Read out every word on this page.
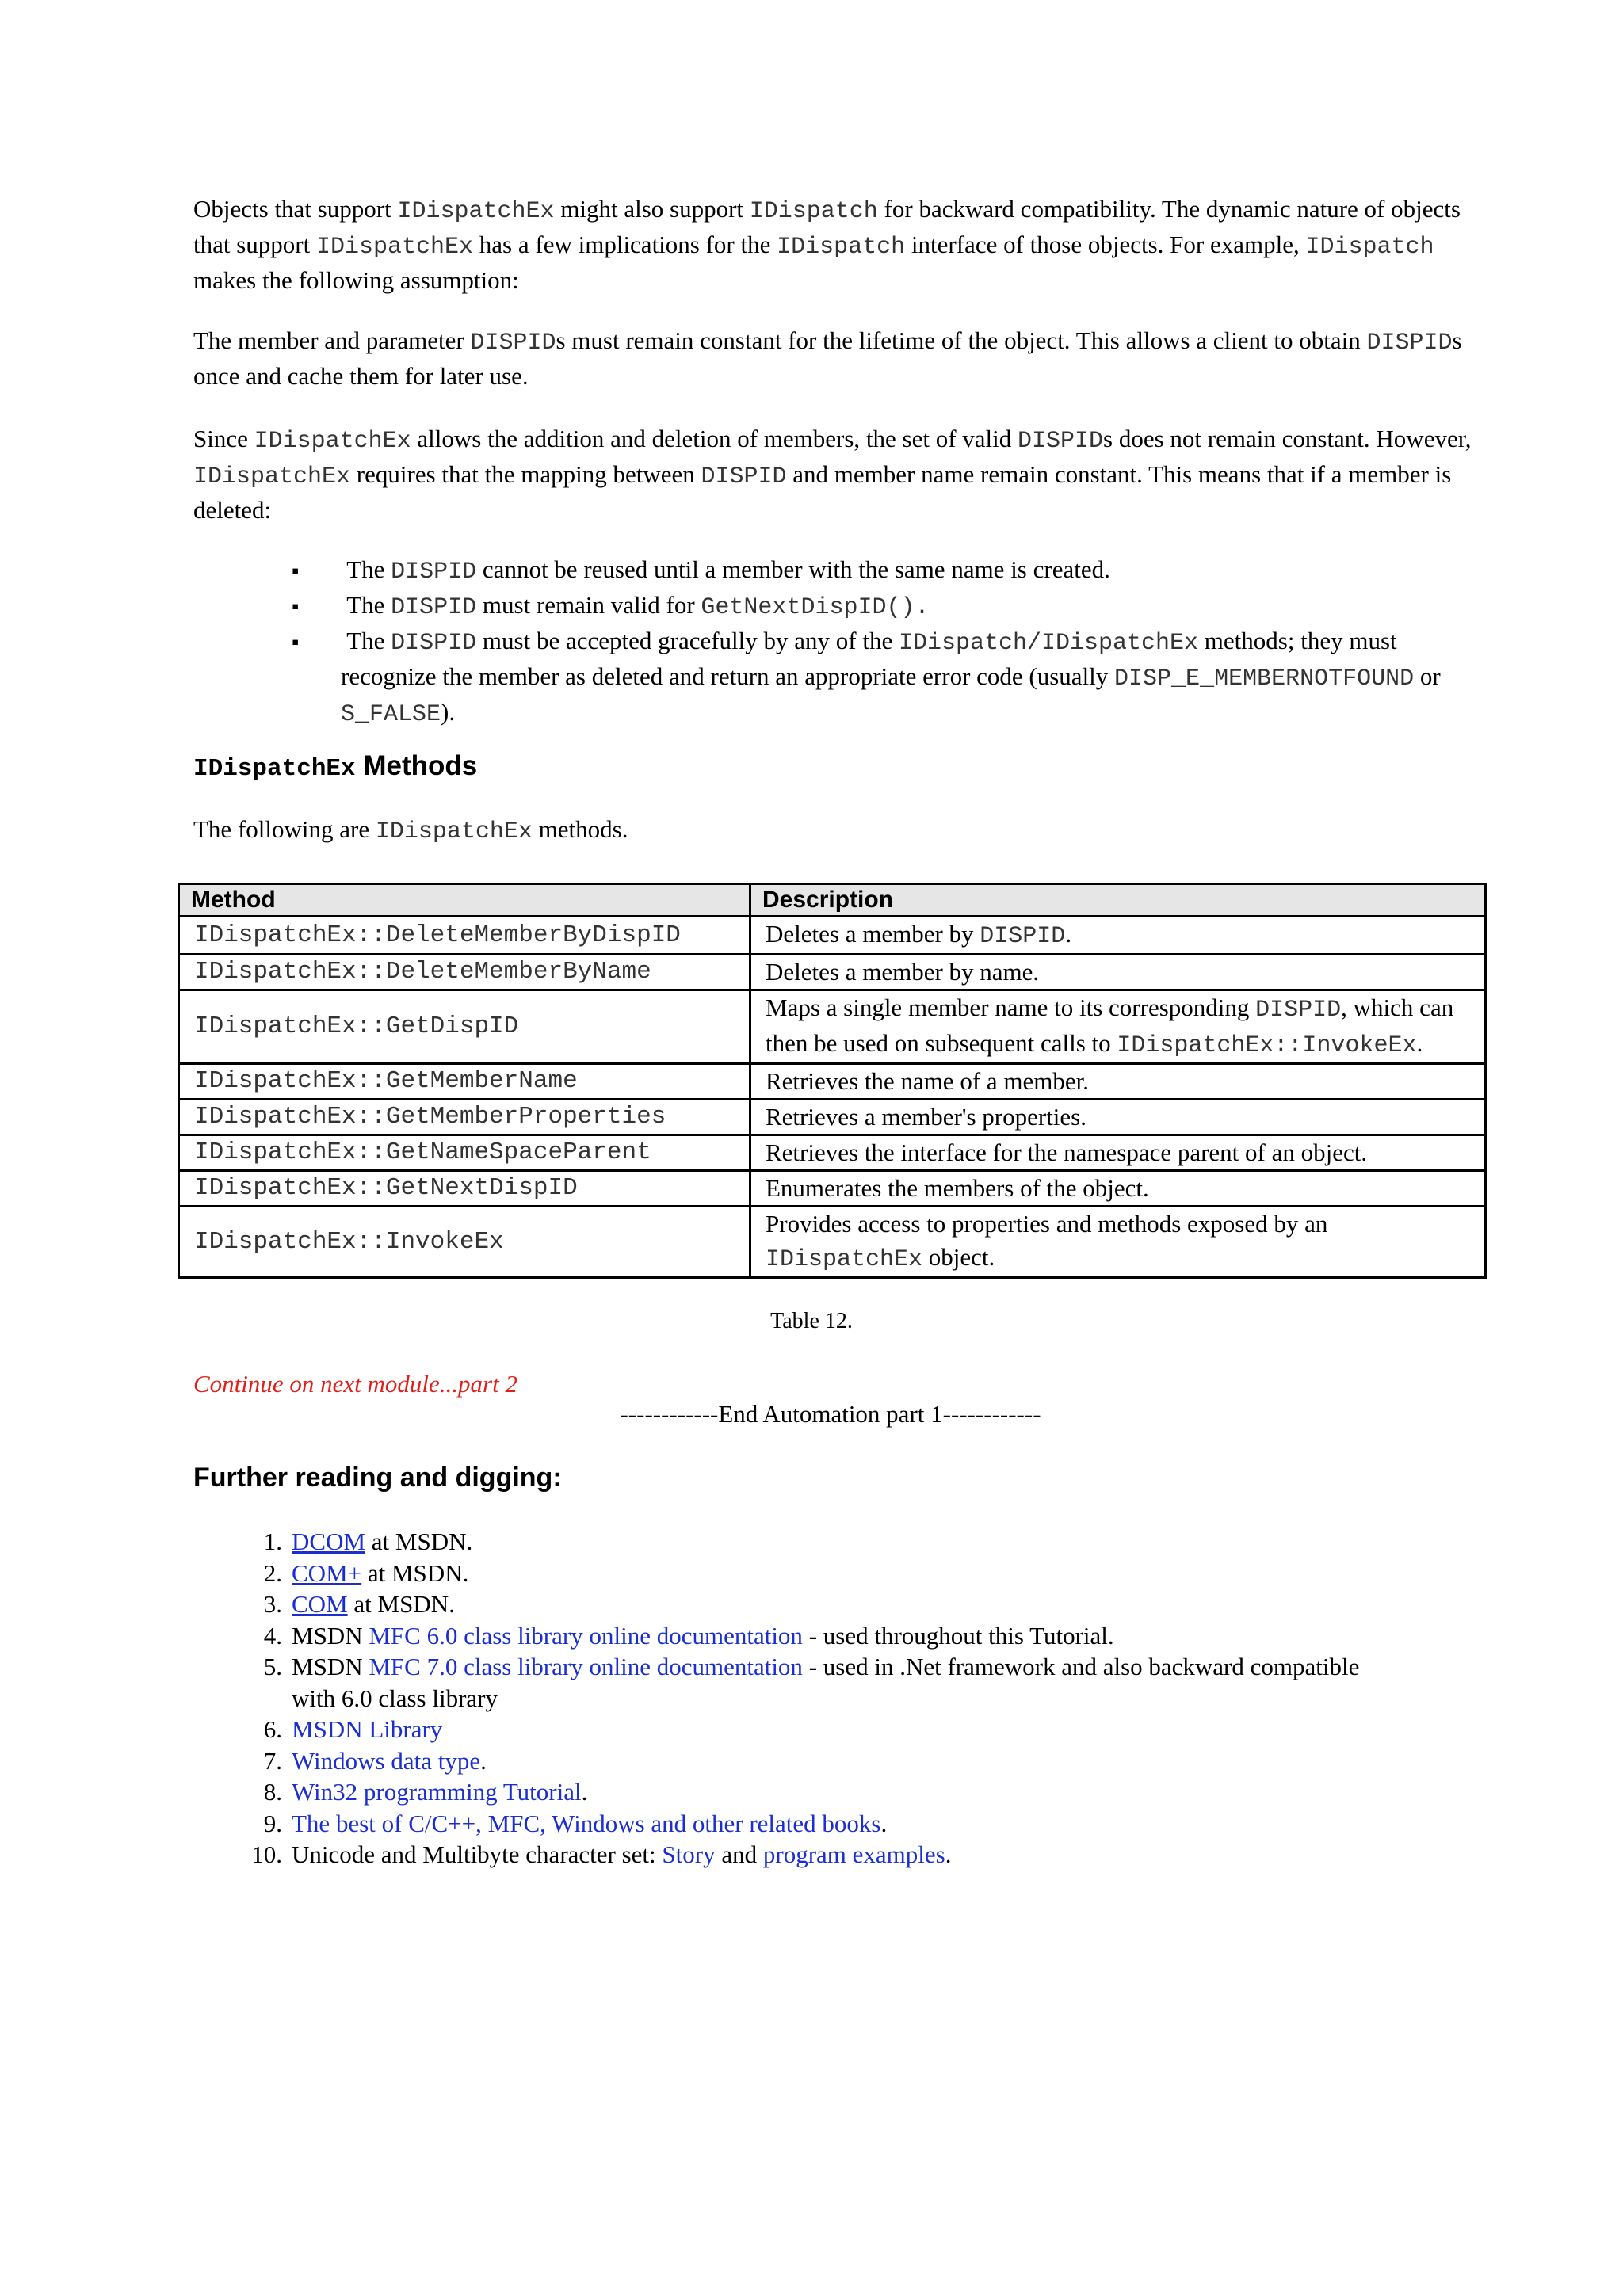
Objects that support IDispatchEx might also support IDispatch for backward compatibility. The dynamic nature of objects that support IDispatchEx has a few implications for the IDispatch interface of those objects. For example, IDispatch makes the following assumption:

The member and parameter DISPIDs must remain constant for the lifetime of the object. This allows a client to obtain DISPIDs once and cache them for later use.

Since IDispatchEx allows the addition and deletion of members, the set of valid DISPIDs does not remain constant. However, IDispatchEx requires that the mapping between DISPID and member name remain constant. This means that if a member is deleted:

▪ The DISPID cannot be reused until a member with the same name is created.
▪ The DISPID must remain valid for GetNextDispID().
▪ The DISPID must be accepted gracefully by any of the IDispatch/IDispatchEx methods; they must recognize the member as deleted and return an appropriate error code (usually DISP_E_MEMBERNOTFOUND or S_FALSE).
IDispatchEx Methods

The following are IDispatchEx methods.

Method	Description
IDispatchEx::DeleteMemberByDispID	Deletes a member by DISPID.
IDispatchEx::DeleteMemberByName	Deletes a member by name.
IDispatchEx::GetDispID	Maps a single member name to its corresponding DISPID, which can then be used on subsequent calls to IDispatchEx::InvokeEx.
IDispatchEx::GetMemberName	Retrieves the name of a member.
IDispatchEx::GetMemberProperties	Retrieves a member's properties.
IDispatchEx::GetNameSpaceParent	Retrieves the interface for the namespace parent of an object.
IDispatchEx::GetNextDispID	Enumerates the members of the object.
IDispatchEx::InvokeEx	Provides access to properties and methods exposed by an IDispatchEx object.

Table 12.

Continue on next module...part 2

------------End Automation part 1------------

Further reading and digging:
1. DCOM at MSDN.
2. COM+ at MSDN.
3. COM at MSDN.
4. MSDN MFC 6.0 class library online documentation - used throughout this Tutorial.
5. MSDN MFC 7.0 class library online documentation - used in .Net framework and also backward compatible with 6.0 class library
6. MSDN Library
7. Windows data type.
8. Win32 programming Tutorial.
9. The best of C/C++, MFC, Windows and other related books.
10. Unicode and Multibyte character set: Story and program examples.
